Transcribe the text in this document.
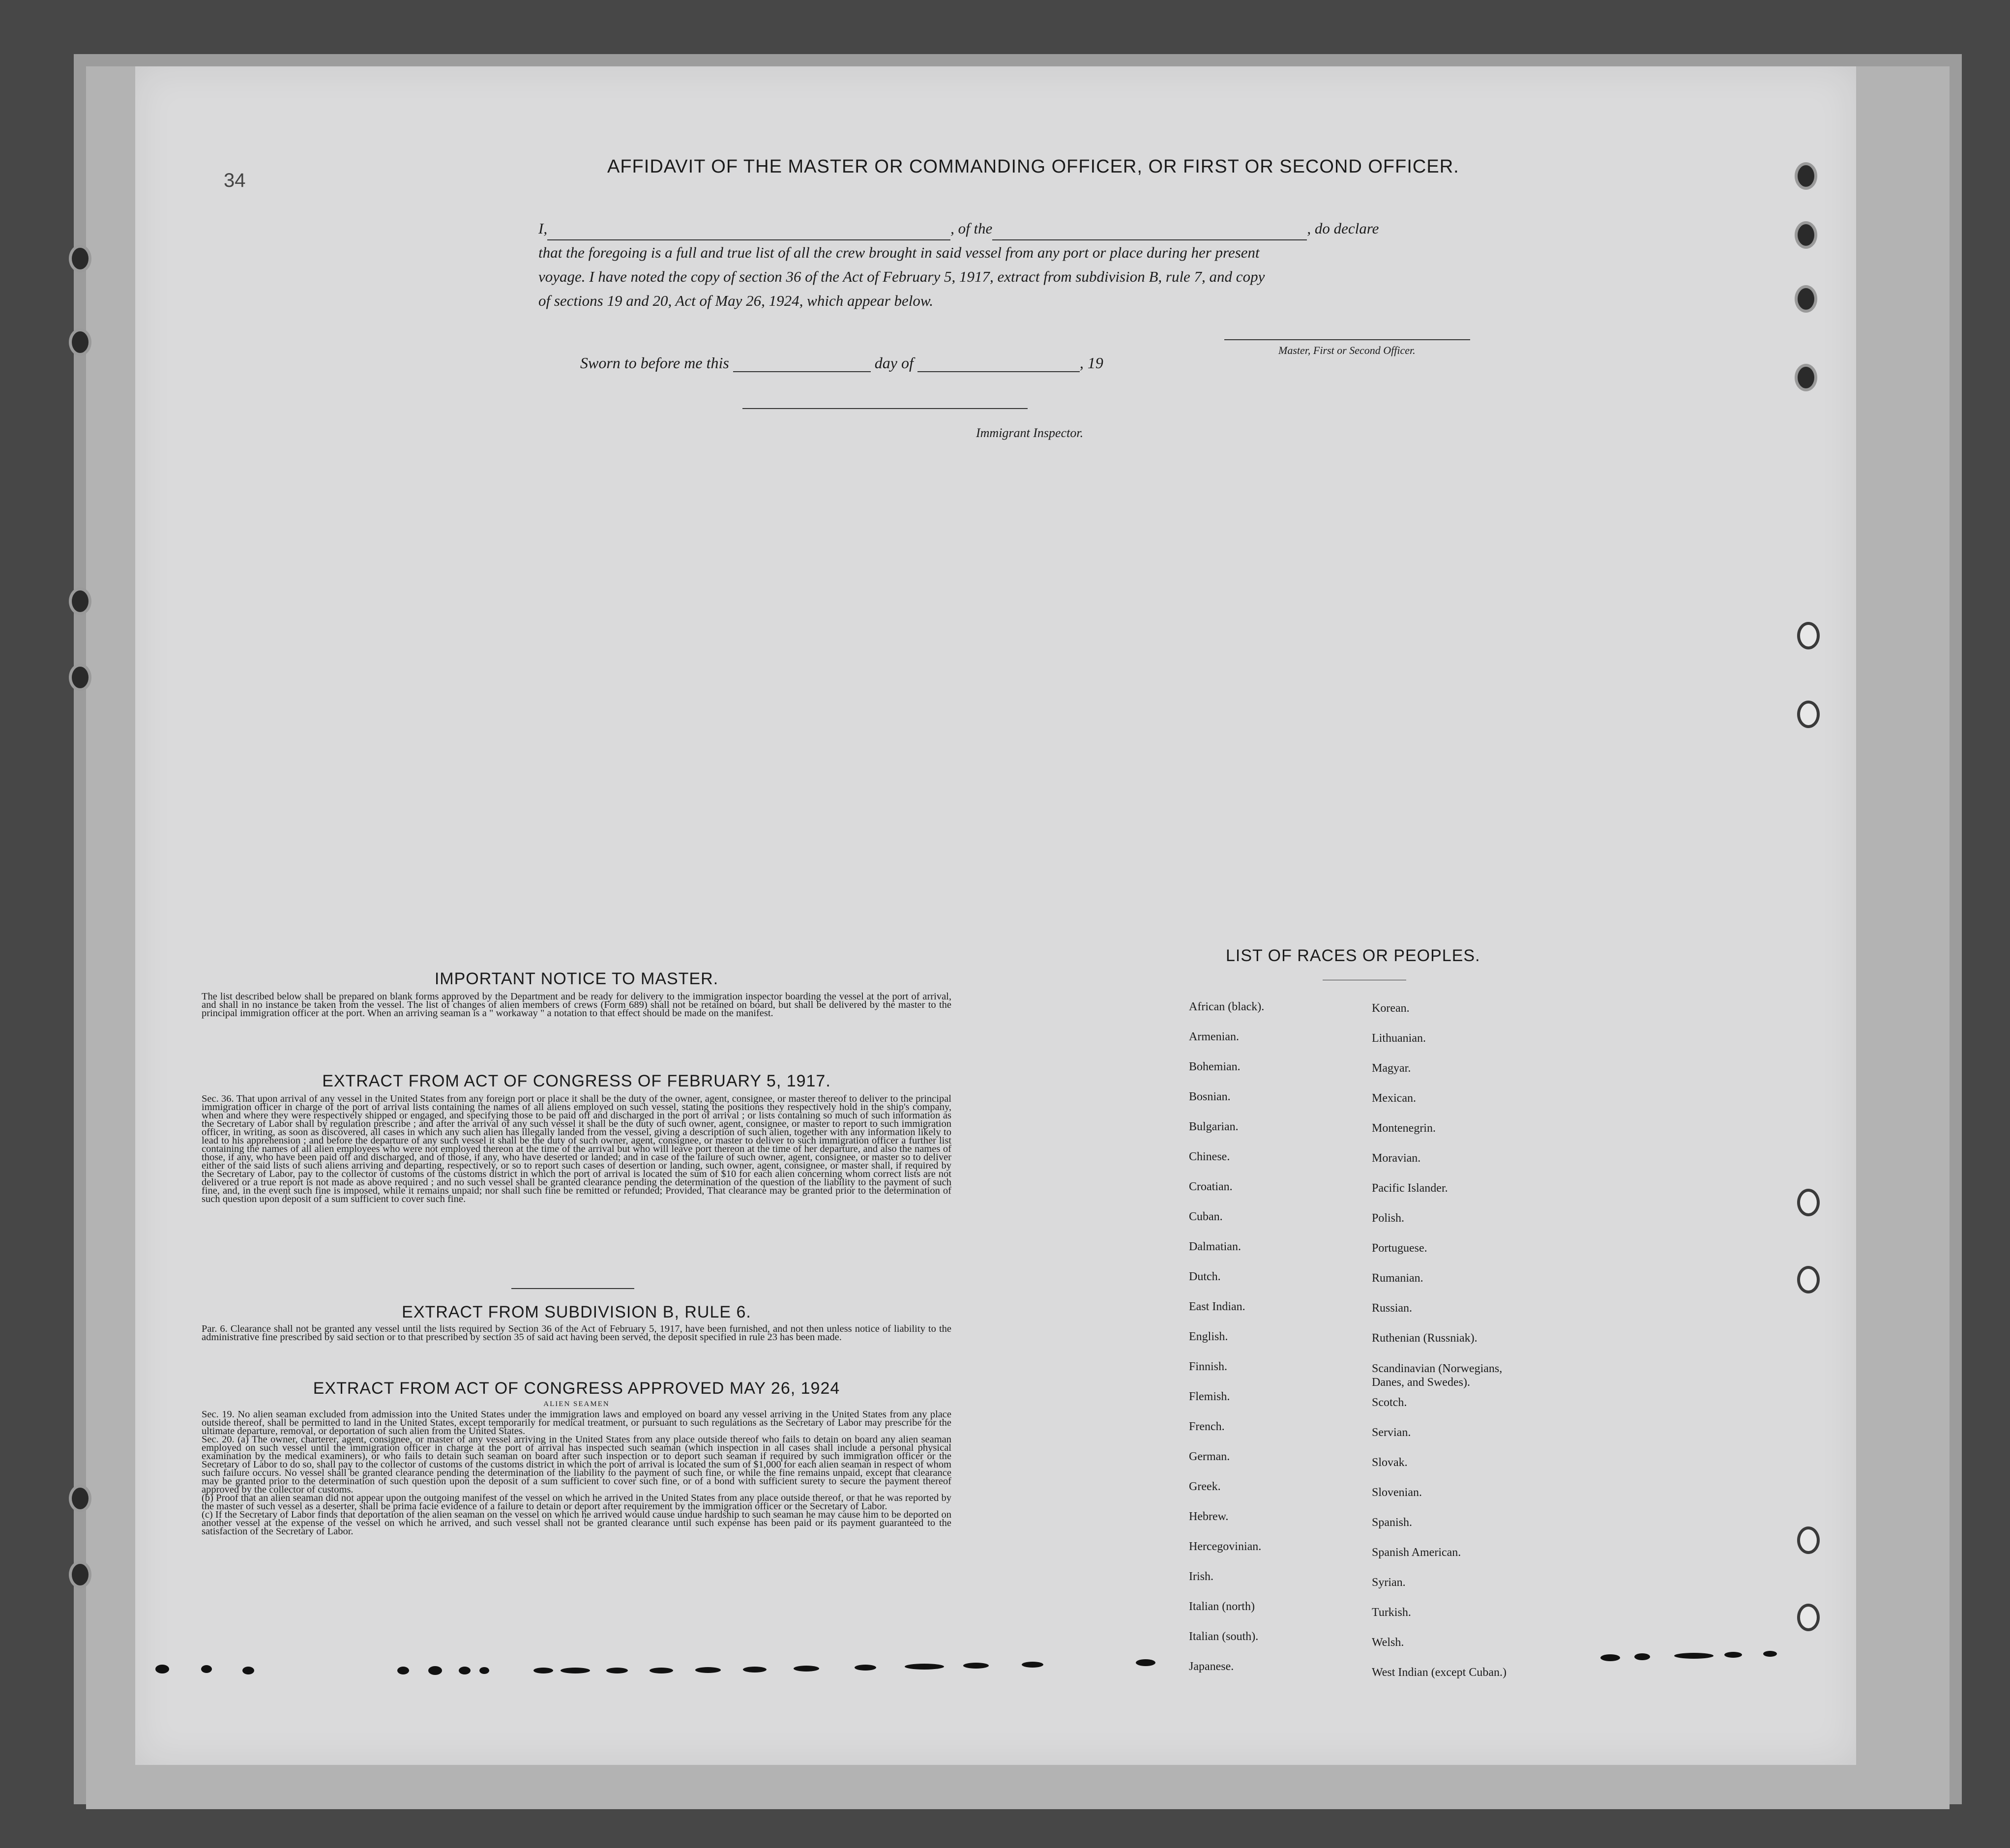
34
AFFIDAVIT OF THE MASTER OR COMMANDING OFFICER, OR FIRST OR SECOND OFFICER.
I,	, of the	, do declare
that the foregoing is a full and true list of all the crew brought in said vessel from any port or place during her present
voyage. I have noted the copy of section 36 of the Act of February 5, 1917, extract from subdivision B, rule 7, and copy
of sections 19 and 20, Act of May 26, 1924, which appear below.
Master, First or Second Officer.
Sworn to before me this	day of	, 19
Immigrant Inspector.
IMPORTANT NOTICE TO MASTER.

The list described below shall be prepared on blank forms approved by the Department and be ready for delivery to the immigration inspector boarding the vessel at the port of arrival, and shall in no instance be taken from the vessel. The list of changes of alien members of crews (Form 689) shall not be retained on board, but shall be delivered by the master to the principal immigration officer at the port. When an arriving seaman is a " workaway " a notation to that effect should be made on the manifest.

EXTRACT FROM ACT OF CONGRESS OF FEBRUARY 5, 1917.

Sec. 36. That upon arrival of any vessel in the United States from any foreign port or place it shall be the duty of the owner, agent, consignee, or master thereof to deliver to the principal immigration officer in charge of the port of arrival lists containing the names of all aliens employed on such vessel, stating the positions they respectively hold in the ship's company, when and where they were respectively shipped or engaged, and specifying those to be paid off and discharged in the port of arrival ; or lists containing so much of such information as the Secretary of Labor shall by regulation prescribe ; and after the arrival of any such vessel it shall be the duty of such owner, agent, consignee, or master to report to such immigration officer, in writing, as soon as discovered, all cases in which any such alien has illegally landed from the vessel, giving a description of such alien, together with any information likely to lead to his apprehension ; and before the departure of any such vessel it shall be the duty of such owner, agent, consignee, or master to deliver to such immigration officer a further list containing the names of all alien employees who were not employed thereon at the time of the arrival but who will leave port thereon at the time of her departure, and also the names of those, if any, who have been paid off and discharged, and of those, if any, who have deserted or landed; and in case of the failure of such owner, agent, consignee, or master so to deliver either of the said lists of such aliens arriving and departing, respectively, or so to report such cases of desertion or landing, such owner, agent, consignee, or master shall, if required by the Secretary of Labor, pay to the collector of customs of the customs district in which the port of arrival is located the sum of $10 for each alien concerning whom correct lists are not delivered or a true report is not made as above required ; and no such vessel shall be granted clearance pending the determination of the question of the liability to the payment of such fine, and, in the event such fine is imposed, while it remains unpaid; nor shall such fine be remitted or refunded; Provided, That clearance may be granted prior to the determination of such question upon deposit of a sum sufficient to cover such fine.

EXTRACT FROM SUBDIVISION B, RULE 6.

Par. 6. Clearance shall not be granted any vessel until the lists required by Section 36 of the Act of February 5, 1917, have been furnished, and not then unless notice of liability to the administrative fine prescribed by said section or to that prescribed by section 35 of said act having been served, the deposit specified in rule 23 has been made.

EXTRACT FROM ACT OF CONGRESS APPROVED MAY 26, 1924
ALIEN SEAMEN

Sec. 19. No alien seaman excluded from admission into the United States under the immigration laws and employed on board any vessel arriving in the United States from any place outside thereof, shall be permitted to land in the United States, except temporarily for medical treatment, or pursuant to such regulations as the Secretary of Labor may prescribe for the ultimate departure, removal, or deportation of such alien from the United States.

Sec. 20. (a) The owner, charterer, agent, consignee, or master of any vessel arriving in the United States from any place outside thereof who fails to detain on board any alien seaman employed on such vessel until the immigration officer in charge at the port of arrival has inspected such seaman (which inspection in all cases shall include a personal physical examination by the medical examiners), or who fails to detain such seaman on board after such inspection or to deport such seaman if required by such immigration officer or the Secretary of Labor to do so, shall pay to the collector of customs of the customs district in which the port of arrival is located the sum of $1,000 for each alien seaman in respect of whom such failure occurs. No vessel shall be granted clearance pending the determination of the liability to the payment of such fine, or while the fine remains unpaid, except that clearance may be granted prior to the determination of such question upon the deposit of a sum sufficient to cover such fine, or of a bond with sufficient surety to secure the payment thereof approved by the collector of customs.

(b) Proof that an alien seaman did not appear upon the outgoing manifest of the vessel on which he arrived in the United States from any place outside thereof, or that he was reported by the master of such vessel as a deserter, shall be prima facie evidence of a failure to detain or deport after requirement by the immigration officer or the Secretary of Labor.

(c) If the Secretary of Labor finds that deportation of the alien seaman on the vessel on which he arrived would cause undue hardship to such seaman he may cause him to be deported on another vessel at the expense of the vessel on which he arrived, and such vessel shall not be granted clearance until such expense has been paid or its payment guaranteed to the satisfaction of the Secretary of Labor.

LIST OF RACES OR PEOPLES.
African (black).
Armenian.
Bohemian.
Bosnian.
Bulgarian.
Chinese.
Croatian.
Cuban.
Dalmatian.
Dutch.
East Indian.
English.
Finnish.
Flemish.
French.
German.
Greek.
Hebrew.
Hercegovinian.
Irish.
Italian (north)
Italian (south).
Japanese.
Korean.
Lithuanian.
Magyar.
Mexican.
Montenegrin.
Moravian.
Pacific Islander.
Polish.
Portuguese.
Rumanian.
Russian.
Ruthenian (Russniak).
Scandinavian (Norwegians,
Danes, and Swedes).
Scotch.
Servian.
Slovak.
Slovenian.
Spanish.
Spanish American.
Syrian.
Turkish.
Welsh.
West Indian (except Cuban.)
